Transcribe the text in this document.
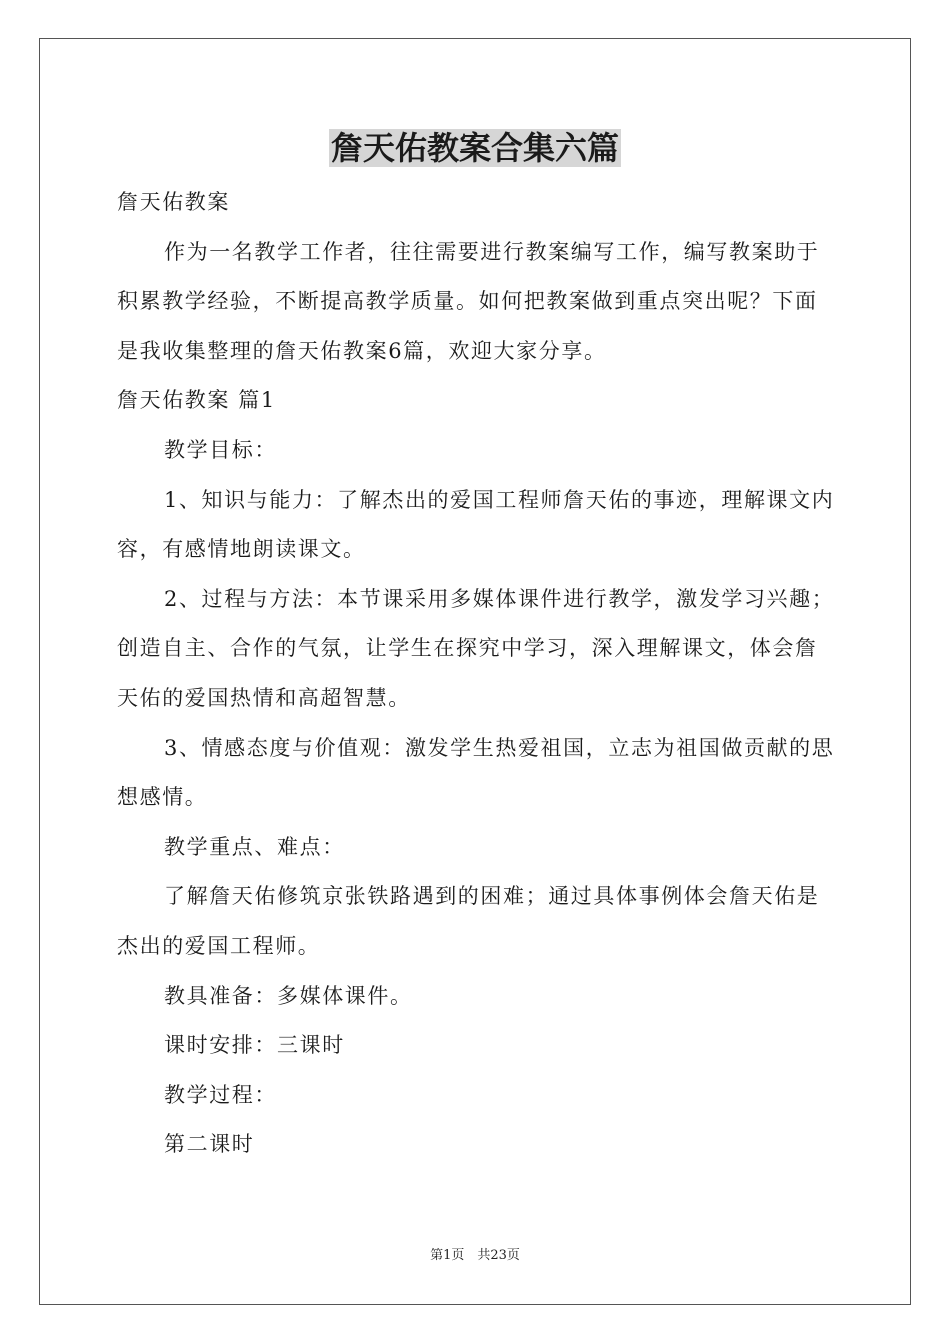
詹天佑教案合集六篇

詹天佑教案

作为一名教学工作者，往往需要进行教案编写工作，编写教案助于积累教学经验，不断提高教学质量。如何把教案做到重点突出呢？下面是我收集整理的詹天佑教案6篇，欢迎大家分享。

詹天佑教案 篇1

教学目标：

1、知识与能力：了解杰出的爱国工程师詹天佑的事迹，理解课文内容，有感情地朗读课文。

2、过程与方法：本节课采用多媒体课件进行教学，激发学习兴趣；创造自主、合作的气氛，让学生在探究中学习，深入理解课文，体会詹天佑的爱国热情和高超智慧。

3、情感态度与价值观：激发学生热爱祖国，立志为祖国做贡献的思想感情。

教学重点、难点：

了解詹天佑修筑京张铁路遇到的困难；通过具体事例体会詹天佑是杰出的爱国工程师。

教具准备：多媒体课件。

课时安排：三课时

教学过程：

第二课时

第1页　共23页
